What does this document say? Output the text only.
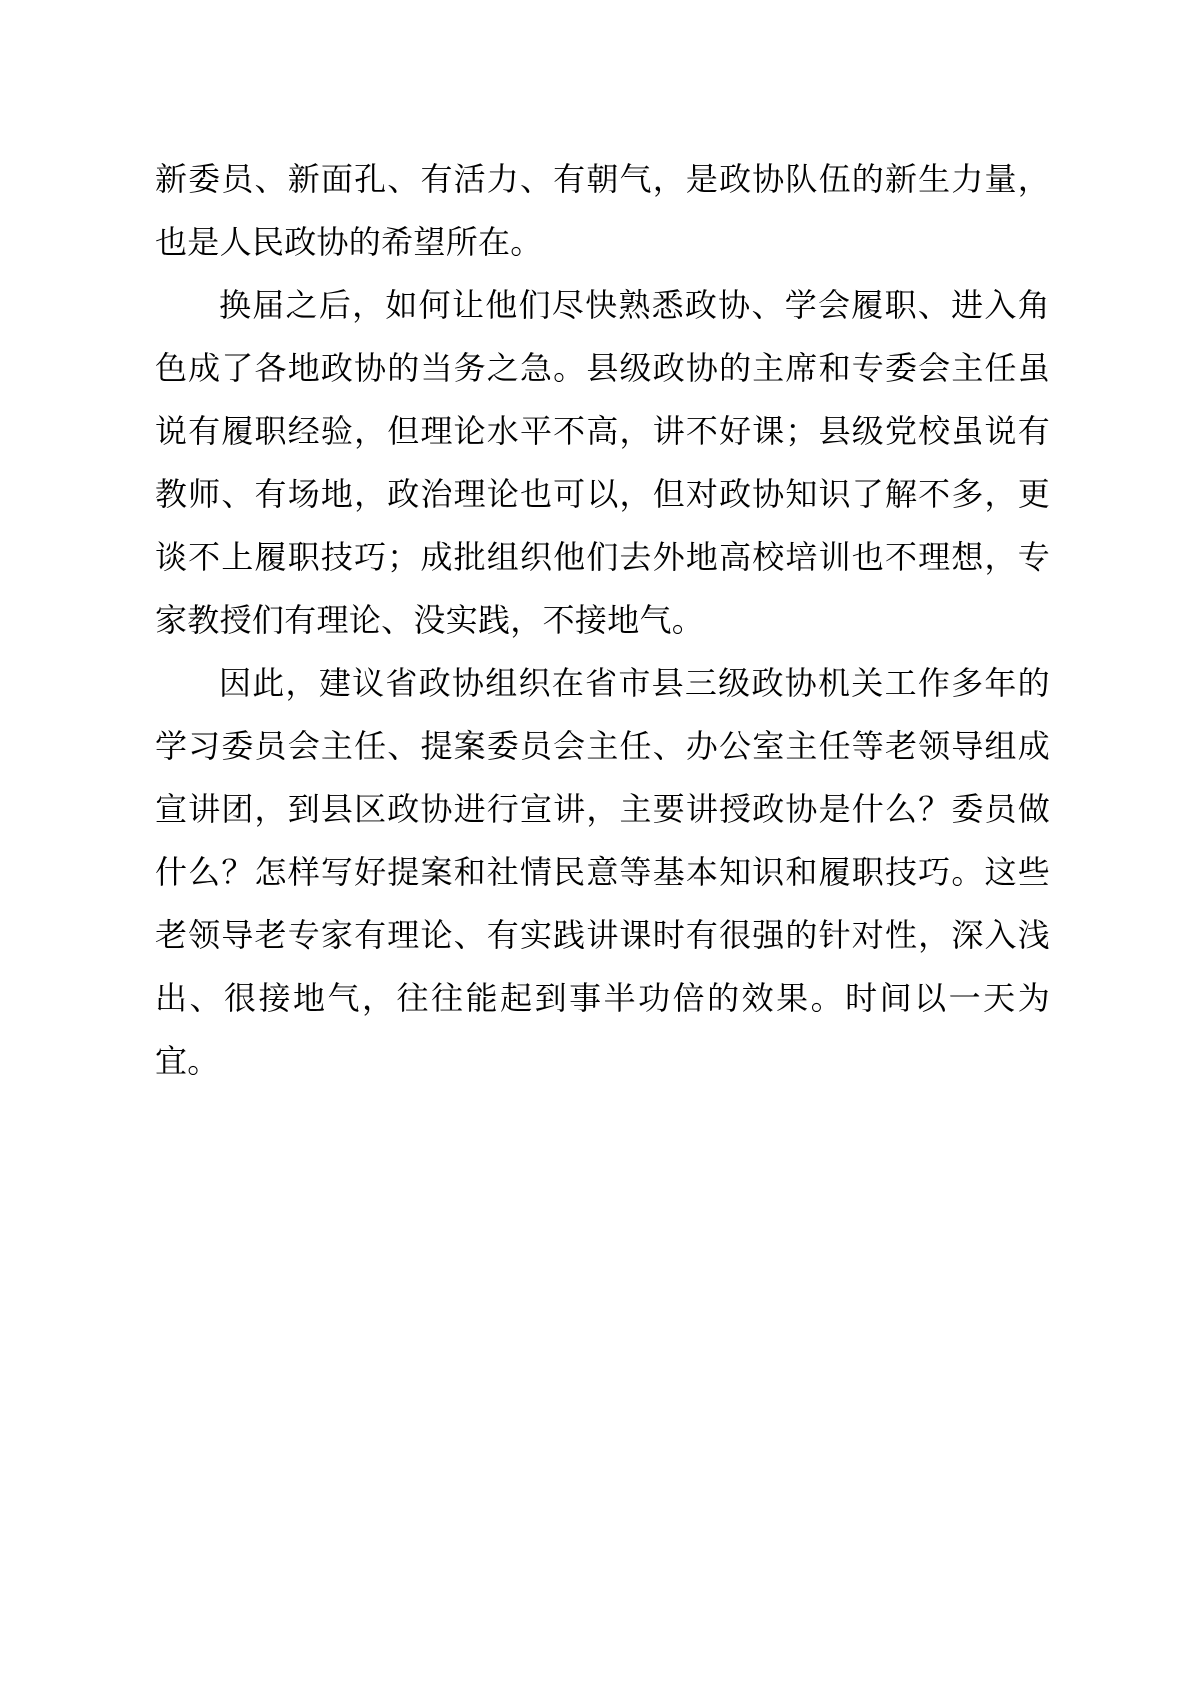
新委员、新面孔、有活力、有朝气，是政协队伍的新生力量，也是人民政协的希望所在。

换届之后，如何让他们尽快熟悉政协、学会履职、进入角色成了各地政协的当务之急。县级政协的主席和专委会主任虽说有履职经验，但理论水平不高，讲不好课；县级党校虽说有教师、有场地，政治理论也可以，但对政协知识了解不多，更谈不上履职技巧；成批组织他们去外地高校培训也不理想，专家教授们有理论、没实践，不接地气。

因此，建议省政协组织在省市县三级政协机关工作多年的学习委员会主任、提案委员会主任、办公室主任等老领导组成宣讲团，到县区政协进行宣讲，主要讲授政协是什么？委员做什么？怎样写好提案和社情民意等基本知识和履职技巧。这些老领导老专家有理论、有实践讲课时有很强的针对性，深入浅出、很接地气，往往能起到事半功倍的效果。时间以一天为宜。
